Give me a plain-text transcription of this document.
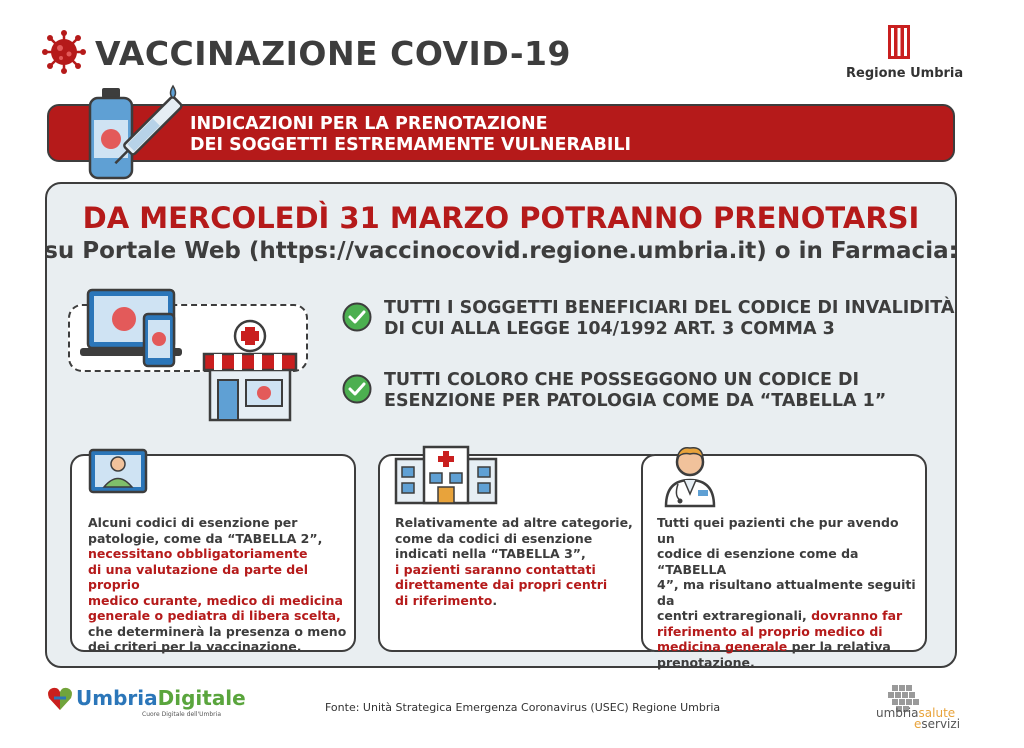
VACCINAZIONE COVID-19
Regione Umbria
INDICAZIONI PER LA PRENOTAZIONE
DEI SOGGETTI ESTREMAMENTE VULNERABILI
DA MERCOLEDÌ 31 MARZO POTRANNO PRENOTARSI
su Portale Web (https://vaccinocovid.regione.umbria.it) o in Farmacia:
TUTTI I SOGGETTI BENEFICIARI DEL CODICE DI INVALIDITÀ
DI CUI ALLA LEGGE 104/1992 ART. 3 COMMA 3
TUTTI COLORO CHE POSSEGGONO UN CODICE DI
ESENZIONE PER PATOLOGIA COME DA “TABELLA 1”
Alcuni codici di esenzione per
patologie, come da “TABELLA 2”,
necessitano obbligatoriamente
di una valutazione da parte del proprio
medico curante, medico di medicina
generale o pediatra di libera scelta,
che determinerà la presenza o meno
dei criteri per la vaccinazione.
Relativamente ad altre categorie,
come da codici di esenzione
indicati nella “TABELLA 3”,
i pazienti saranno contattati
direttamente dai propri centri
di riferimento.
Tutti quei pazienti che pur avendo un
codice di esenzione come da “TABELLA
4”, ma risultano attualmente seguiti da
centri extraregionali, dovranno far
riferimento al proprio medico di
medicina generale per la relativa
prenotazione.
UmbriaDigitale
Cuore Digitale dell'Umbria
Fonte: Unità Strategica Emergenza Coronavirus (USEC) Regione Umbria	umbriasalute
eservizi
